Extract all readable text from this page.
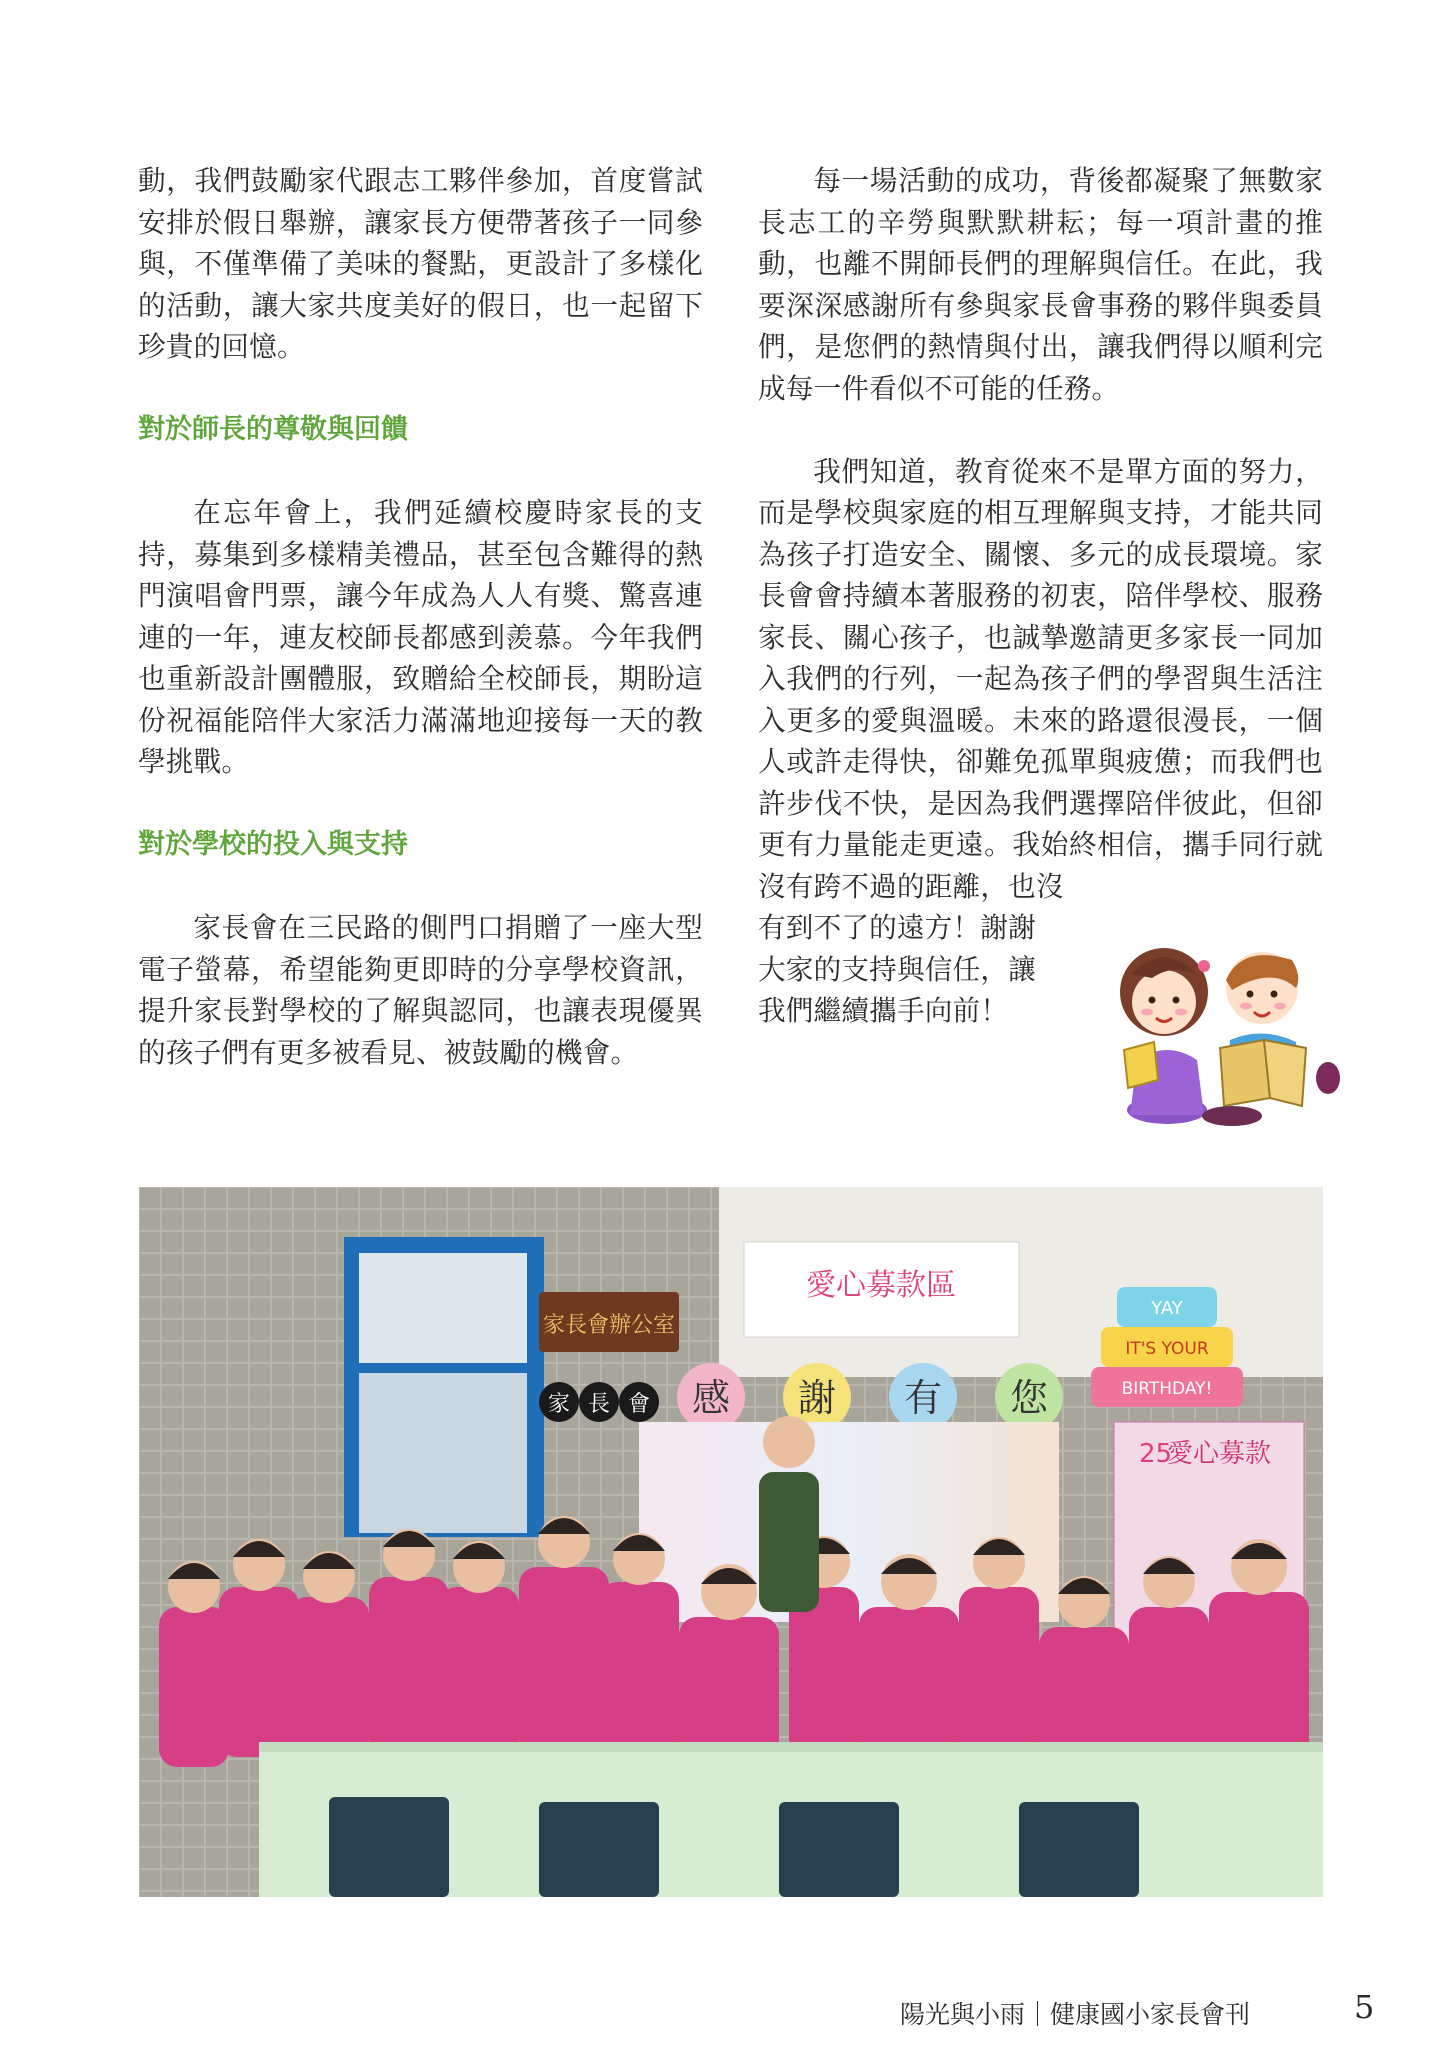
動，我們鼓勵家代跟志工夥伴參加，首度嘗試安排於假日舉辦，讓家長方便帶著孩子一同參與，不僅準備了美味的餐點，更設計了多樣化的活動，讓大家共度美好的假日，也一起留下珍貴的回憶。

對於師長的尊敬與回饋

在忘年會上，我們延續校慶時家長的支持，募集到多樣精美禮品，甚至包含難得的熱門演唱會門票，讓今年成為人人有獎、驚喜連連的一年，連友校師長都感到羨慕。今年我們也重新設計團體服，致贈給全校師長，期盼這份祝福能陪伴大家活力滿滿地迎接每一天的教學挑戰。

對於學校的投入與支持

家長會在三民路的側門口捐贈了一座大型電子螢幕，希望能夠更即時的分享學校資訊，提升家長對學校的了解與認同，也讓表現優異的孩子們有更多被看見、被鼓勵的機會。

每一場活動的成功，背後都凝聚了無數家長志工的辛勞與默默耕耘；每一項計畫的推動，也離不開師長們的理解與信任。在此，我要深深感謝所有參與家長會事務的夥伴與委員們，是您們的熱情與付出，讓我們得以順利完成每一件看似不可能的任務。

我們知道，教育從來不是單方面的努力，而是學校與家庭的相互理解與支持，才能共同為孩子打造安全、關懷、多元的成長環境。家長會會持續本著服務的初衷，陪伴學校、服務家長、關心孩子，也誠摯邀請更多家長一同加入我們的行列，一起為孩子們的學習與生活注入更多的愛與溫暖。未來的路還很漫長，一個人或許走得快，卻難免孤單與疲憊；而我們也許步伐不快，是因為我們選擇陪伴彼此，但卻更有力量能走更遠。我始終相信，攜手同行就沒有跨不過的距離，也沒

有到不了的遠方！謝謝

大家的支持與信任，讓

我們繼續攜手向前！

家長會辦公室
愛心募款區
家 長 會 感 謝 有 您
YAY
IT'S YOUR
BIRTHDAY!
25
愛心募款
陽光與小雨｜健康國小家長會刊	5
